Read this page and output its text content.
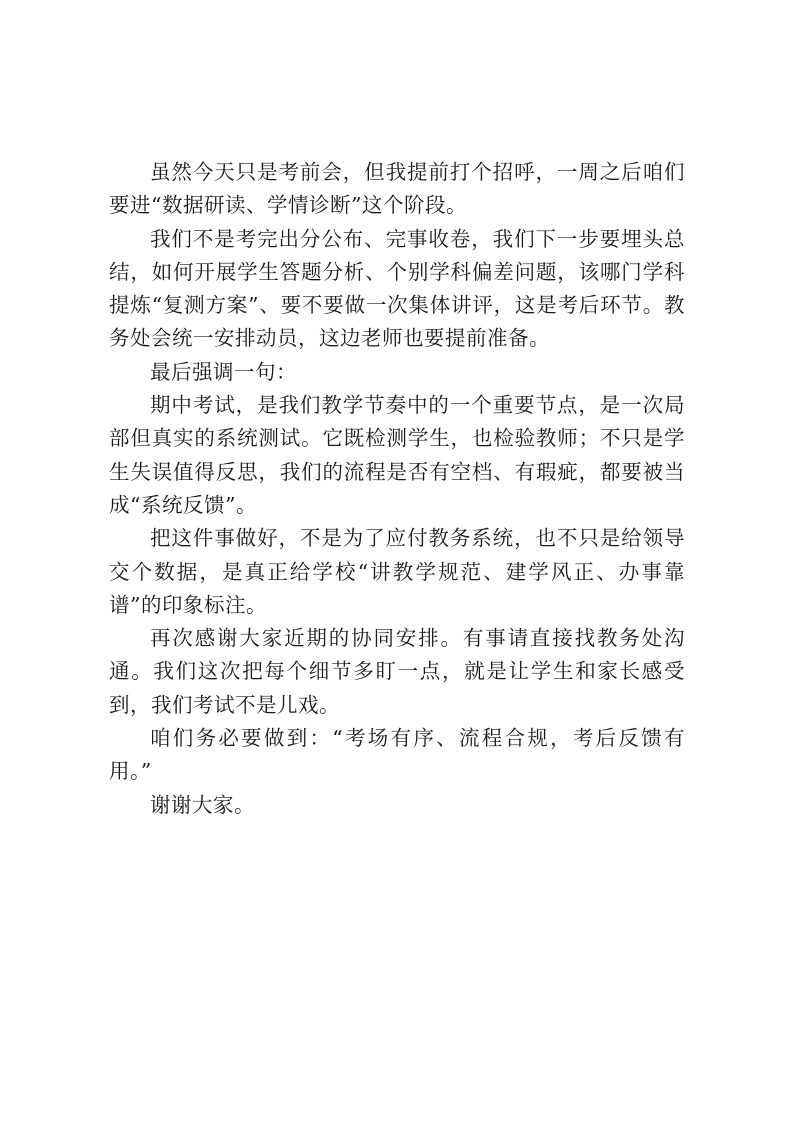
虽然今天只是考前会，但我提前打个招呼，一周之后咱们要进“数据研读、学情诊断”这个阶段。

我们不是考完出分公布、完事收卷，我们下一步要埋头总结，如何开展学生答题分析、个别学科偏差问题，该哪门学科提炼“复测方案”、要不要做一次集体讲评，这是考后环节。教务处会统一安排动员，这边老师也要提前准备。

最后强调一句：

期中考试，是我们教学节奏中的一个重要节点，是一次局部但真实的系统测试。它既检测学生，也检验教师；不只是学生失误值得反思，我们的流程是否有空档、有瑕疵，都要被当成“系统反馈”。

把这件事做好，不是为了应付教务系统，也不只是给领导交个数据，是真正给学校“讲教学规范、建学风正、办事靠谱”的印象标注。

再次感谢大家近期的协同安排。有事请直接找教务处沟通。我们这次把每个细节多盯一点，就是让学生和家长感受到，我们考试不是儿戏。

咱们务必要做到：“考场有序、流程合规，考后反馈有用。”

谢谢大家。
